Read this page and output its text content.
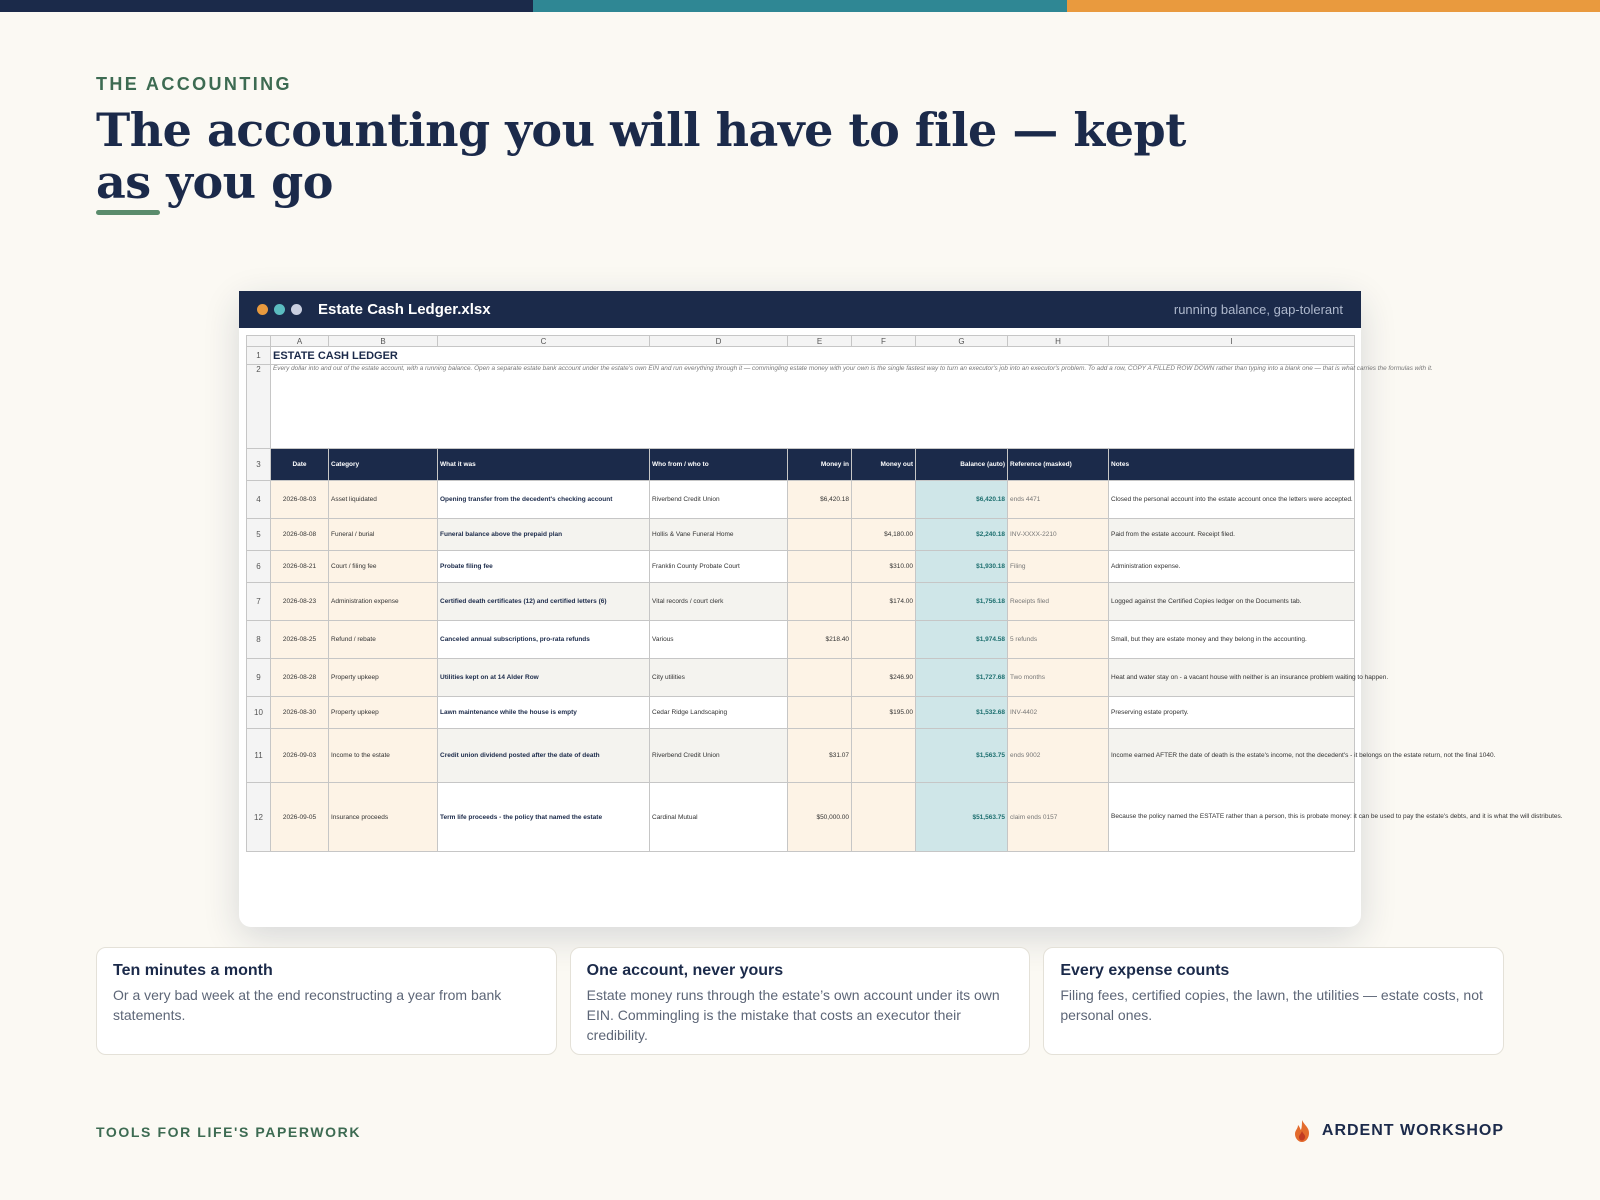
THE ACCOUNTING
The accounting you will have to file — kept as you go
Estate Cash Ledger.xlsx	running balance, gap-tolerant
	A	B	C	D	E	F	G	H	I
1	ESTATE CASH LEDGER								
2	Every dollar into and out of the estate account, with a running balance. Open a separate estate bank account under the estate's own EIN and run everything through it — commingling estate money with your own is the single fastest way to turn an executor's job into an executor's problem. To add a row, COPY A FILLED ROW DOWN rather than typing into a blank one — that is what carries the formulas with it.								
3	Date	Category	What it was	Who from / who to	Money in	Money out	Balance (auto)	Reference (masked)	Notes
4	2026-08-03	Asset liquidated	Opening transfer from the decedent's checking account	Riverbend Credit Union	$6,420.18		$6,420.18	ends 4471	Closed the personal account into the estate account once the letters were accepted.
5	2026-08-08	Funeral / burial	Funeral balance above the prepaid plan	Hollis & Vane Funeral Home		$4,180.00	$2,240.18	INV-XXXX-2210	Paid from the estate account. Receipt filed.
6	2026-08-21	Court / filing fee	Probate filing fee	Franklin County Probate Court		$310.00	$1,930.18	Filing	Administration expense.
7	2026-08-23	Administration expense	Certified death certificates (12) and certified letters (6)	Vital records / court clerk		$174.00	$1,756.18	Receipts filed	Logged against the Certified Copies ledger on the Documents tab.
8	2026-08-25	Refund / rebate	Canceled annual subscriptions, pro-rata refunds	Various	$218.40		$1,974.58	5 refunds	Small, but they are estate money and they belong in the accounting.
9	2026-08-28	Property upkeep	Utilities kept on at 14 Alder Row	City utilities		$246.90	$1,727.68	Two months	Heat and water stay on - a vacant house with neither is an insurance problem waiting to happen.
10	2026-08-30	Property upkeep	Lawn maintenance while the house is empty	Cedar Ridge Landscaping		$195.00	$1,532.68	INV-4402	Preserving estate property.
11	2026-09-03	Income to the estate	Credit union dividend posted after the date of death	Riverbend Credit Union	$31.07		$1,563.75	ends 9002	Income earned AFTER the date of death is the estate's income, not the decedent's - it belongs on the estate return, not the final 1040.
12	2026-09-05	Insurance proceeds	Term life proceeds - the policy that named the estate	Cardinal Mutual	$50,000.00		$51,563.75	claim ends 0157	Because the policy named the ESTATE rather than a person, this is probate money: it can be used to pay the estate's debts, and it is what the will distributes.
Ten minutes a month

Or a very bad week at the end reconstructing a year from bank statements.

One account, never yours

Estate money runs through the estate’s own account under its own EIN. Commingling is the mistake that costs an executor their credibility.

Every expense counts

Filing fees, certified copies, the lawn, the utilities — estate costs, not personal ones.

TOOLS FOR LIFE'S PAPERWORK	ARDENT WORKSHOP
